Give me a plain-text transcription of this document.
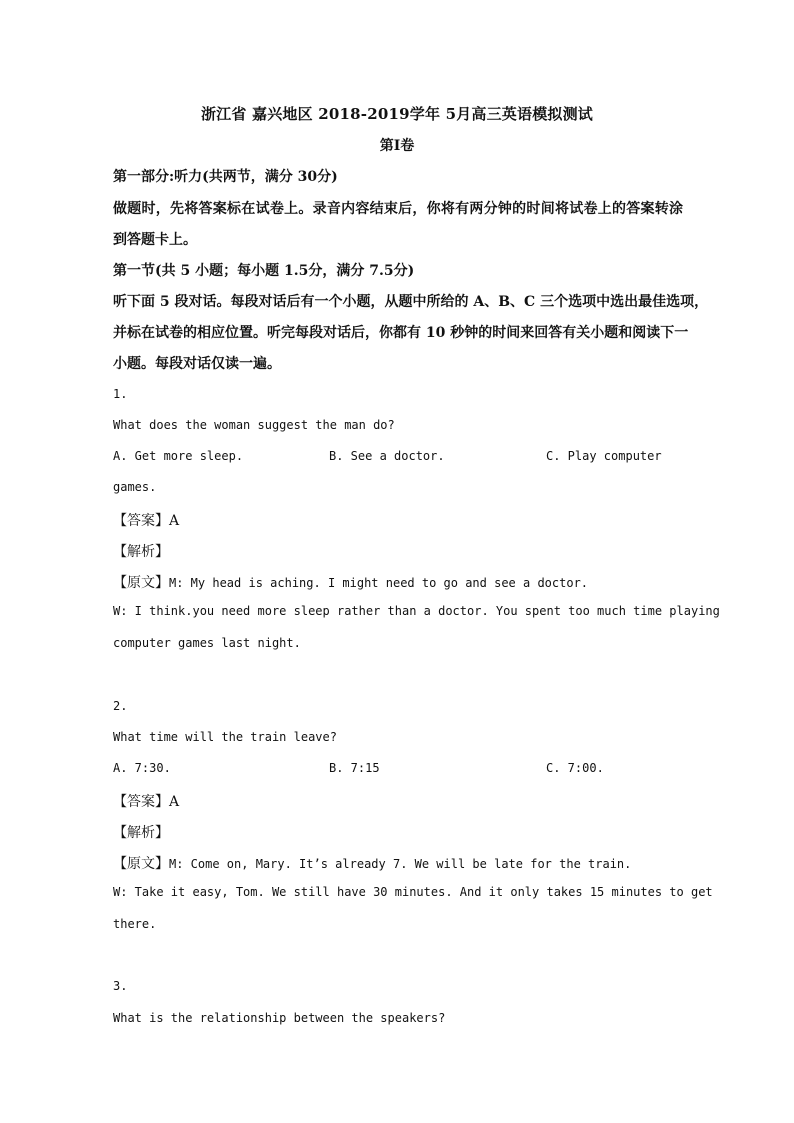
浙江省 嘉兴地区 2018-2019学年 5月高三英语模拟测试
第Ⅰ卷
第一部分:听力(共两节，满分 30分)
做题时，先将答案标在试卷上。录音内容结束后，你将有两分钟的时间将试卷上的答案转涂
到答题卡上。
第一节(共 5 小题；每小题 1.5分，满分 7.5分)
听下面 5 段对话。每段对话后有一个小题，从题中所给的 A、B、C 三个选项中选出最佳选项，
并标在试卷的相应位置。听完每段对话后，你都有 10 秒钟的时间来回答有关小题和阅读下一
小题。每段对话仅读一遍。
1.
What does the woman suggest the man do?
A. Get more sleep.	B. See a doctor.	C. Play computer
games.
【答案】A
【解析】
【原文】M: My head is aching. I might need to go and see a doctor.
W: I think.you need more sleep rather than a doctor. You spent too much time playing
computer games last night.
2.
What time will the train leave?
A. 7:30.	B. 7:15	C. 7:00.
【答案】A
【解析】
【原文】M: Come on, Mary. It’s already 7. We will be late for the train.
W: Take it easy, Tom. We still have 30 minutes. And it only takes 15 minutes to get
there.
3.
What is the relationship between the speakers?
